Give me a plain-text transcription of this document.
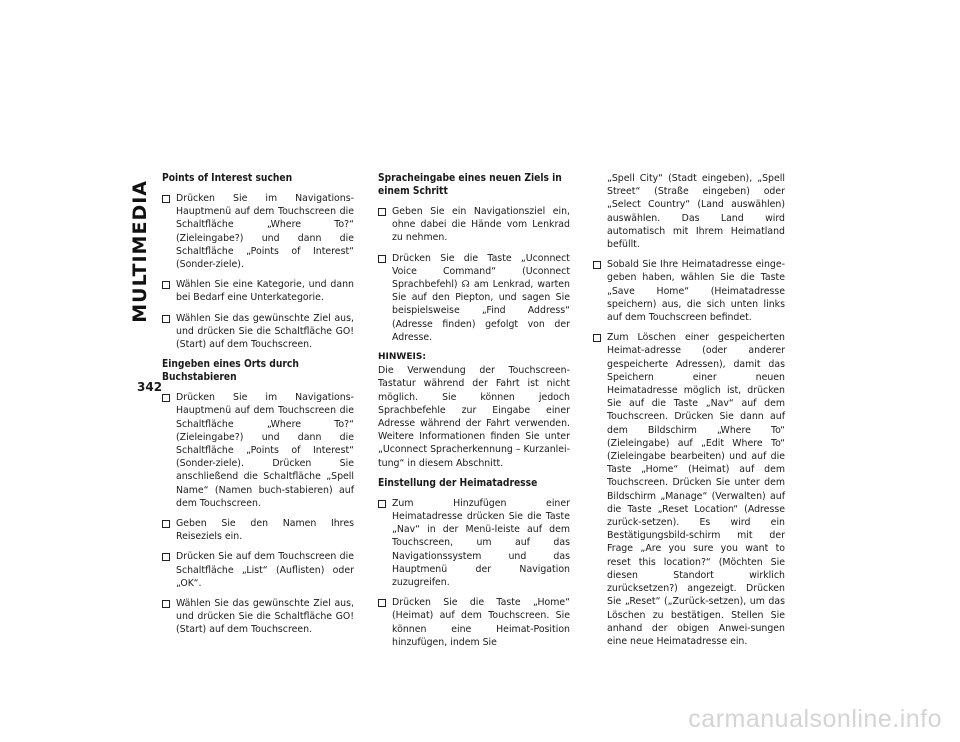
MULTIMEDIA
342
Points of Interest suchen
Drücken Sie im Navigations-Hauptmenü auf dem Touchscreen die Schaltfläche „Where To?“ (Zieleingabe?) und dann die Schaltfläche „Points of Interest“ (Sonder-ziele).
Wählen Sie eine Kategorie, und dann bei Bedarf eine Unterkategorie.
Wählen Sie das gewünschte Ziel aus, und drücken Sie die Schaltfläche GO! (Start) auf dem Touchscreen.
Eingeben eines Orts durch Buchstabieren
Drücken Sie im Navigations-Hauptmenü auf dem Touchscreen die Schaltfläche „Where To?“ (Zieleingabe?) und dann die Schaltfläche „Points of Interest“ (Sonder-ziele). Drücken Sie anschließend die Schaltfläche „Spell Name“ (Namen buch-stabieren) auf dem Touchscreen.
Geben Sie den Namen Ihres Reiseziels ein.
Drücken Sie auf dem Touchscreen die Schaltfläche „List“ (Auflisten) oder „OK“.
Wählen Sie das gewünschte Ziel aus, und drücken Sie die Schaltfläche GO! (Start) auf dem Touchscreen.
Spracheingabe eines neuen Ziels in einem Schritt
Geben Sie ein Navigationsziel ein, ohne dabei die Hände vom Lenkrad zu nehmen.
Drücken Sie die Taste „Uconnect Voice Command“ (Uconnect Sprachbefehl) ☊ am Lenkrad, warten Sie auf den Piepton, und sagen Sie beispielsweise „Find Address“ (Adresse finden) gefolgt von der Adresse.
HINWEIS:
Die Verwendung der Touchscreen-Tastatur während der Fahrt ist nicht möglich. Sie können jedoch Sprachbefehle zur Eingabe einer Adresse während der Fahrt verwenden. Weitere Informationen finden Sie unter „Uconnect Spracherkennung – Kurzanlei-tung“ in diesem Abschnitt.
Einstellung der Heimatadresse
Zum Hinzufügen einer Heimatadresse drücken Sie die Taste „Nav“ in der Menü-leiste auf dem Touchscreen, um auf das Navigationssystem und das Hauptmenü der Navigation zuzugreifen.
Drücken Sie die Taste „Home“ (Heimat) auf dem Touchscreen. Sie können eine Heimat-Position hinzufügen, indem Sie
„Spell City“ (Stadt eingeben), „Spell Street“ (Straße eingeben) oder „Select Country“ (Land auswählen) auswählen. Das Land wird automatisch mit Ihrem Heimatland befüllt.
Sobald Sie Ihre Heimatadresse einge-geben haben, wählen Sie die Taste „Save Home“ (Heimatadresse speichern) aus, die sich unten links auf dem Touchscreen befindet.
Zum Löschen einer gespeicherten Heimat-adresse (oder anderer gespeicherte Adressen), damit das Speichern einer neuen Heimatadresse möglich ist, drücken Sie auf die Taste „Nav“ auf dem Touchscreen. Drücken Sie dann auf dem Bildschirm „Where To“ (Zieleingabe) auf „Edit Where To“ (Zieleingabe bearbeiten) und auf die Taste „Home“ (Heimat) auf dem Touchscreen. Drücken Sie unter dem Bildschirm „Manage“ (Verwalten) auf die Taste „Reset Location“ (Adresse zurück-setzen). Es wird ein Bestätigungsbild-schirm mit der Frage „Are you sure you want to reset this location?“ (Möchten Sie diesen Standort wirklich zurücksetzen?) angezeigt. Drücken Sie „Reset“ („Zurück-setzen), um das Löschen zu bestätigen. Stellen Sie anhand der obigen Anwei-sungen eine neue Heimatadresse ein.
carmanualsonline.info
